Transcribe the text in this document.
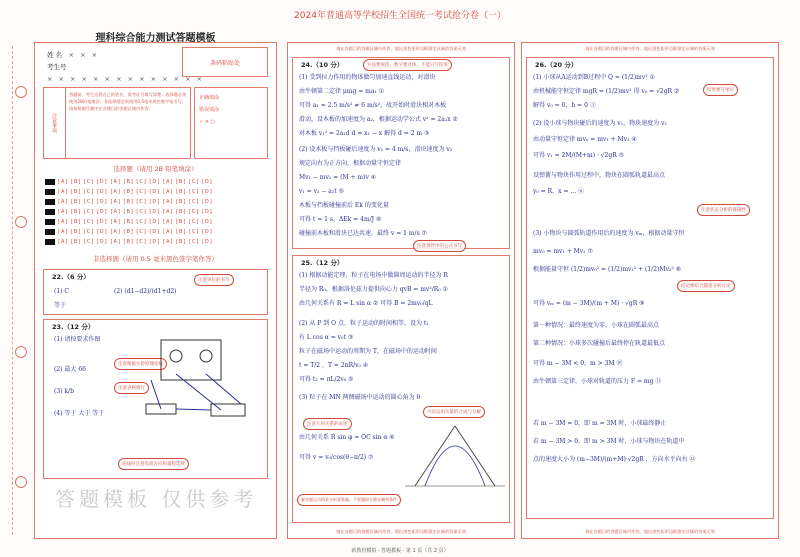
2024年普通高等学校招生全国统一考试抢分卷（一）
理科综合能力测试答题模板
姓 名　 × × ×
考生号
× × × × × × × × × × × × × ×
条码粘贴处
注意事项
答题前，考生先将自己的姓名、准考证号填写清楚；选择题必须使用2B铅笔填涂；非选择题必须使用0.5毫米黑色签字笔书写；请按照题号顺序在各题目的答题区域内作答。
正确填涂
错误填涂
✓ × ○
选择题（请用 2B 铅笔填涂）
[A] [B] [C] [D] [A] [B] [C] [D] [A] [B] [C] [D]
[A] [B] [C] [D] [A] [B] [C] [D] [A] [B] [C] [D]
[A] [B] [C] [D] [A] [B] [C] [D] [A] [B] [C] [D]
[A] [B] [C] [D] [A] [B] [C] [D] [A] [B] [C] [D]
[A] [B] [C] [D] [A] [B] [C] [D] [A] [B] [C] [D]
[A] [B] [C] [D] [A] [B] [C] [D] [A] [B] [C] [D]
[A] [B] [C] [D] [A] [B] [C] [D] [A] [B] [C] [D]
非选择题（请用 0.5 毫米黑色签字笔作答）
22.（6 分）
(1) C	(2) (d1−d2)/(d1+d2)
等于
注意单位的书写
23.（12 分）
(1) 请按要求作图
(2) 最大 66
(3) k/b
(4) 等于 大于 等于
注意根据实验原理连线
注意表格填写
连线时注意电流方向和量程选择
答题模板 仅供参考
请在各题目的答题区域内作答，超出黑色矩形边框限定区域的答案无效
24.（10 分）	方法要规范、数字要具体，不能只写结果
(1) 受到拉力作用的物体做匀加速直线运动，对滑块
由牛顿第二定律 μmg = ma₁ ①
可得 a₁ = 2.5 m/s² ≠ 6 m/s²，故开始时滑块相对木板
滑动，设木板的加速度为 a₂，根据运动学公式 v² = 2a₂x ②
对木板 v₁² = 2a₁d d = x₁ − x 解得 d = 2 m ③
(2) 设木板与挡板碰后速度为 v₁ = 4 m/s，滑块速度为 v₂
规定向右为正方向，根据动量守恒定律
Mv₁ − mv₂ = (M + m)v ④
v₁ = v₂ − a₁t ⑤
木板与挡板碰撞前后 Ek 的变化量
可得 t = 1 s，ΔEk = 4m/J ⑥
碰撞前木板和滑块已达共速，最终 v = 1 m/s ⑦
注意条件中的公式书写
25.（12 分）
(1) 根据动能定理，粒子在电场中做圆周运动的半径为 R
半径为 R₀，根据洛伦兹力提供向心力 qvB = mv²/R₀ ①
由几何关系有 R = L sin α ② 可得 B = 2mv₀/qL
(2) 从 P 到 O 点，粒子运动的时间相等，设为 t₁
有 L cos α = v₀t ③
粒子在磁场中运动的周期为 T，在磁场中的运动时间
t = T/2 ，T = 2πR/v₀ ④
可得 t₂ = πL/2v₀ ⑤
(3) 粒子在 MN 两侧磁场中运动的圆心角为 θ
由几何关系 R sin φ = OC sin α ⑥
可得 v = v₀/cos(θ−π/2) ⑦
可以运用矢量的合成与分解
注意几何关系的表述
解答题运动情景分析要准确，不要漏掉关键步骤和条件
请在各题目的答题区域内作答，超出黑色矩形边框限定区域的答案无效
请在各题目的答题区域内作答，超出黑色矩形边框限定区域的答案无效
26.（20 分）
(1) 小球从A运动到B过程中 Q = (1/2)mv² ①
由机械能守恒定律 mgR = (1/2)mv² 得 v₀ = √2gR ②
解得 v₀ = 0，h = 0 ③
(2) 设小球与物块碰后的速度为 v₁，物块速度为 v₂
由动量守恒定律 mv₀ = mv₁ + Mv₂ ④
可得 v₁ = 2M/(M+m) · √2gR ⑤
设弹簧与物块作用过程中，物块在圆弧轨道最高点
y₀ = R，x = ... ⑥
(3) 小物块与圆弧轨道作用后的速度为 vₘ，根据动量守恒
mv₀ = mv₁ + Mv₂ ⑦
根据能量守恒 (1/2)mv₀² = (1/2)mv₁² + (1/2)Mv₂² ⑧
可得 vₘ = (m − 3M)/(m + M) · √gR ⑨
第一种情况：最终速度为零，小球在圆弧最高点
第二种情况：小球多次碰撞后最终停在轨道最低点
可得 m − 3M < 0，m > 3M ⑩
由牛顿第三定律，小球对轨道的压力 F = mg ⑪
若 m − 3M = 0，即 m = 3M 时，小球最终静止
若 m − 3M > 0，即 m > 3M 时，小球与物块在轨道中
点的速度大小为 (m−3M)/(m+M)·√2gR ，方向水平向右 ⑫
结果要写单位
注意状态分析的准确性
结论要结合题意分析讨论
请在各题目的答题区域内作答，超出黑色矩形边框限定区域的答案无效
新教材模拟 · 答题模板 · 第 1 页（共 2 页）
